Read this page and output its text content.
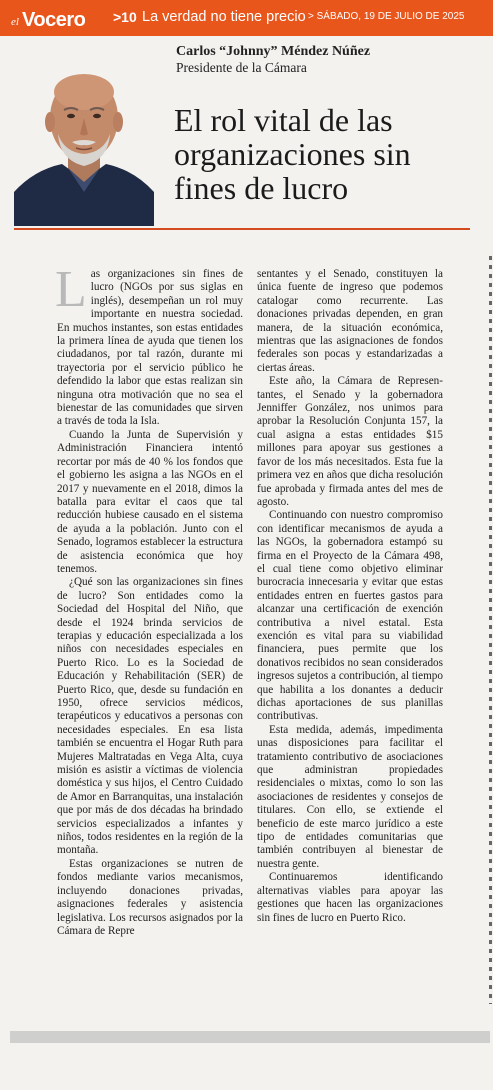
el Vocero >10 La verdad no tiene precio > SÁBADO, 19 DE JULIO DE 2025
Carlos “Johnny” Méndez Núñez
Presidente de la Cámara
El rol vital de las organizaciones sin fines de lucro

Las organizaciones sin fines de lucro (NGOs por sus siglas en inglés), desempeñan un rol muy importante en nuestra sociedad. En muchos instantes, son estas entidades la primera línea de ayuda que tienen los ciudadanos, por tal razón, durante mi trayectoria por el servicio público he defendido la labor que estas realizan sin ninguna otra motivación que no sea el bienestar de las comunidades que sirven a través de toda la Isla.

Cuando la Junta de Supervisión y Administración Financiera intentó recortar por más de 40 % los fondos que el gobierno les asigna a las NGOs en el 2017 y nuevamente en el 2018, dimos la batalla para evitar el caos que tal reducción hubiese causado en el sistema de ayuda a la población. Junto con el Senado, logramos establecer la estructura de asistencia económica que hoy tenemos.

¿Qué son las organizaciones sin fines de lucro? Son entidades como la Sociedad del Hospital del Niño, que desde el 1924 brinda servicios de terapias y educación especializada a los niños con necesidades especiales en Puerto Rico. Lo es la Sociedad de Educación y Rehabilitación (SER) de Puerto Rico, que, desde su fundación en 1950, ofrece servicios médicos, terapéuticos y educativos a personas con necesidades especiales. En esa lista también se encuentra el Hogar Ruth para Mujeres Maltratadas en Vega Alta, cuya misión es asistir a víctimas de violencia doméstica y sus hijos, el Centro Cuidado de Amor en Barranquitas, una instalación que por más de dos décadas ha brindado servicios especializados a infantes y niños, todos residentes en la región de la montaña.

Estas organizaciones se nutren de fondos mediante varios mecanismos, incluyendo donaciones privadas, asignaciones federales y asistencia legislativa. Los recursos asignados por la Cámara de Repre

sentantes y el Senado, constituyen la única fuente de ingreso que podemos catalogar como recurrente. Las donaciones privadas dependen, en gran manera, de la situación económica, mientras que las asignaciones de fondos federales son pocas y estandarizadas a ciertas áreas.

Este año, la Cámara de Representantes, el Senado y la gobernadora Jenniffer González, nos unimos para aprobar la Resolución Conjunta 157, la cual asigna a estas entidades $15 millones para apoyar sus gestiones a favor de los más necesitados. Esta fue la primera vez en años que dicha resolución fue aprobada y firmada antes del mes de agosto.

Continuando con nuestro compromiso con identificar mecanismos de ayuda a las NGOs, la gobernadora estampó su firma en el Proyecto de la Cámara 498, el cual tiene como objetivo eliminar burocracia innecesaria y evitar que estas entidades entren en fuertes gastos para alcanzar una certificación de exención contributiva a nivel estatal. Esta exención es vital para su viabilidad financiera, pues permite que los donativos recibidos no sean considerados ingresos sujetos a contribución, al tiempo que habilita a los donantes a deducir dichas aportaciones de sus planillas contributivas.

Esta medida, además, impedimenta unas disposiciones para facilitar el tratamiento contributivo de asociaciones que administran propiedades residenciales o mixtas, como lo son las asociaciones de residentes y consejos de titulares. Con ello, se extiende el beneficio de este marco jurídico a este tipo de entidades comunitarias que también contribuyen al bienestar de nuestra gente.

Continuaremos identificando alternativas viables para apoyar las gestiones que hacen las organizaciones sin fines de lucro en Puerto Rico.
